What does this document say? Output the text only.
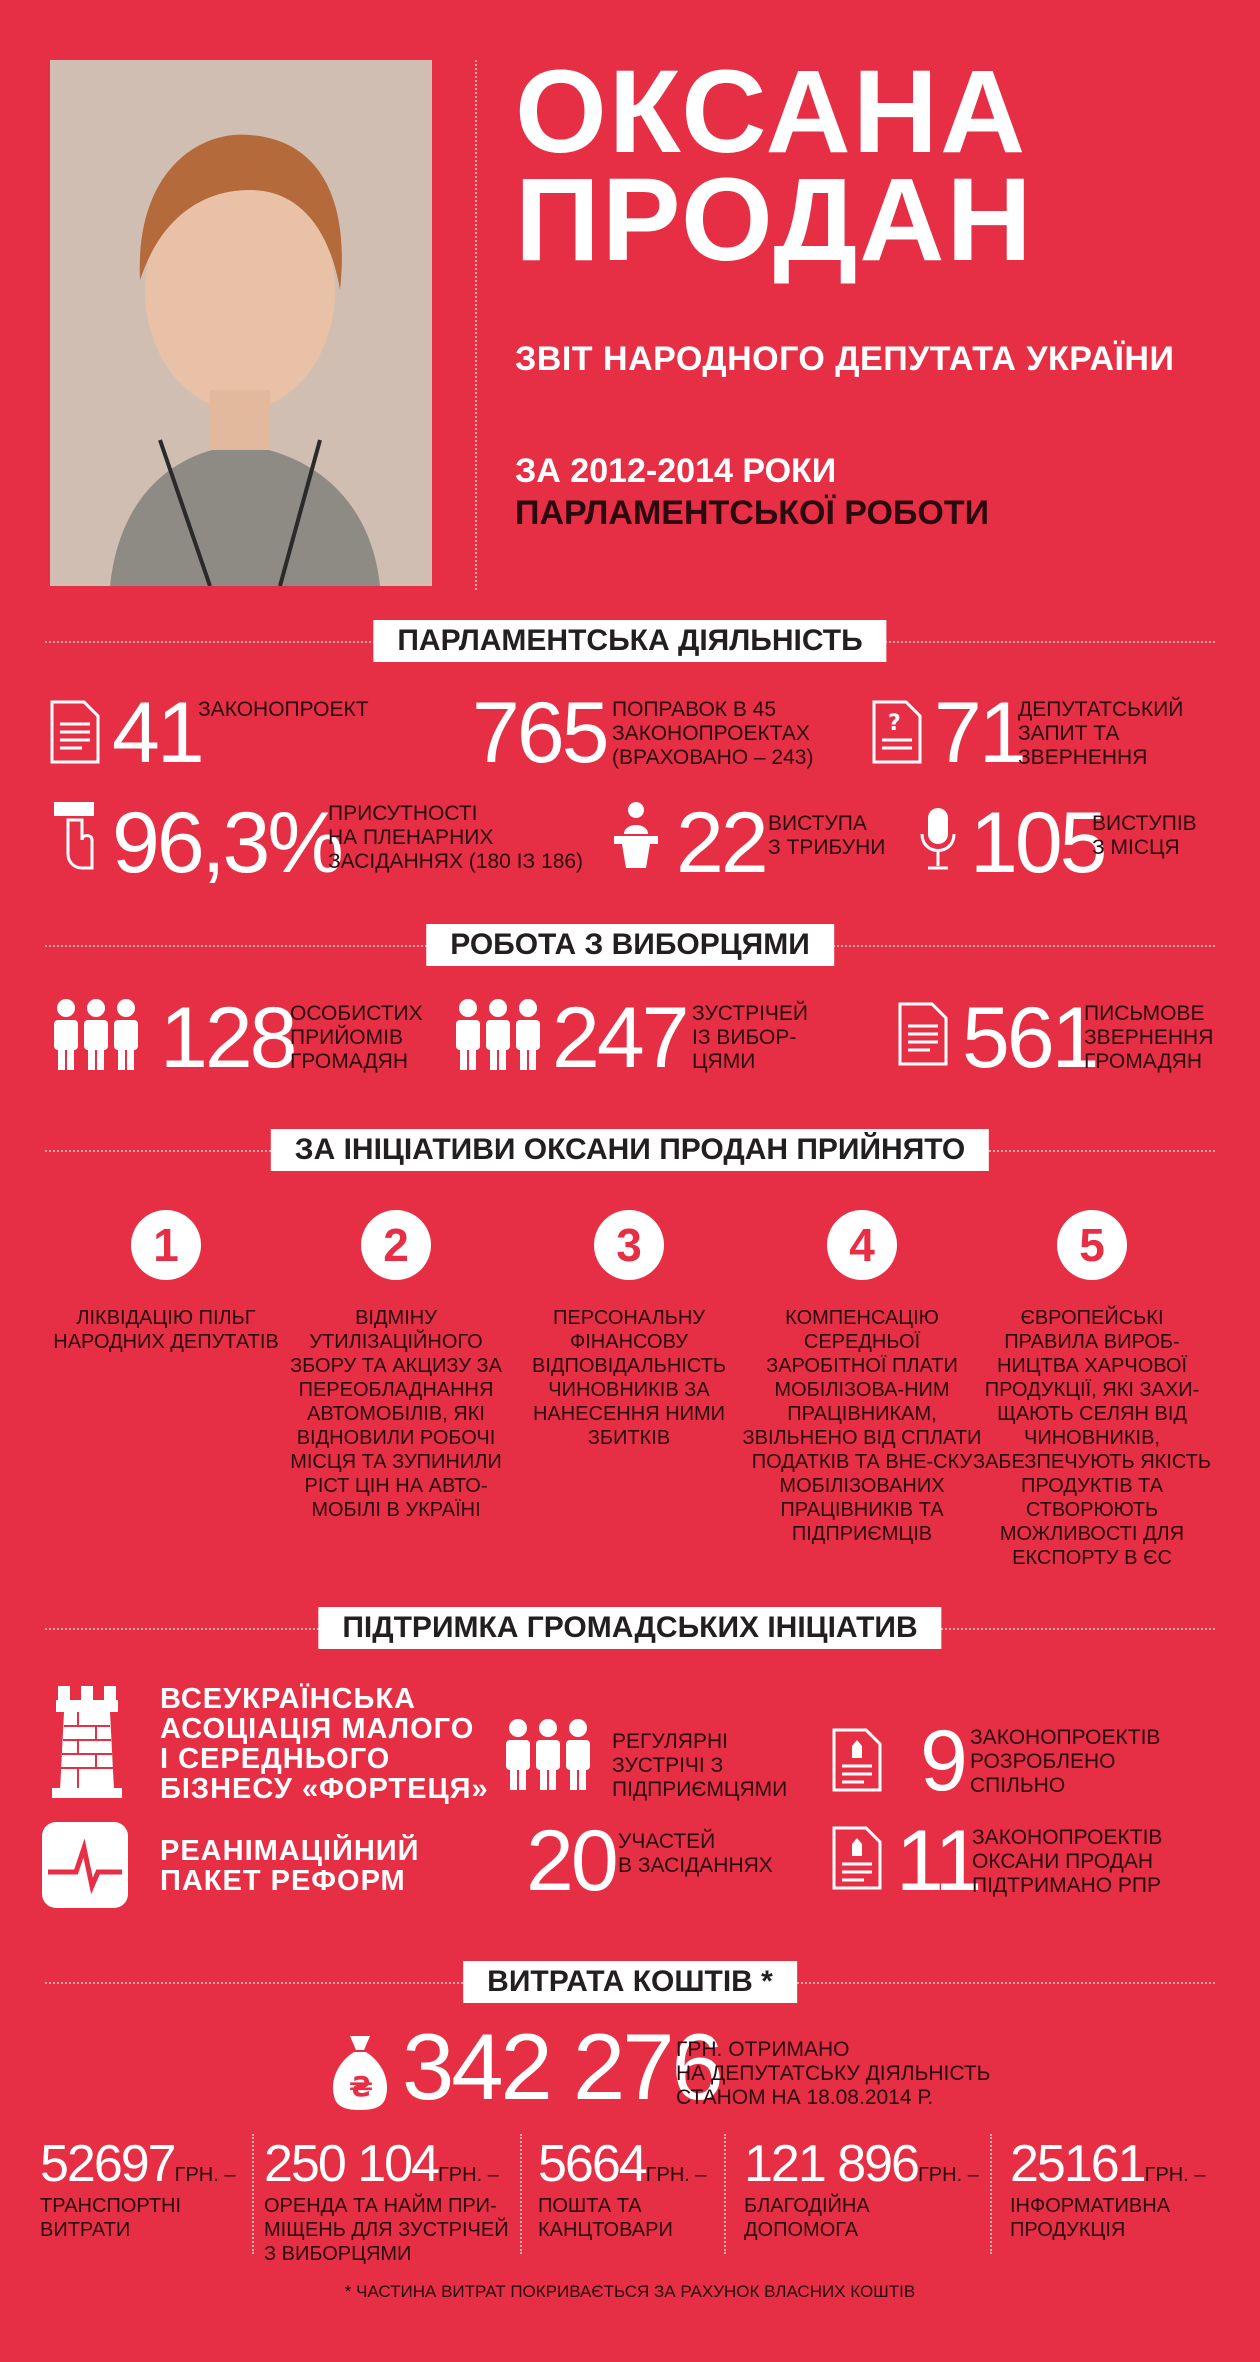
ОКСАНА
ПРОДАН
ЗВІТ НАРОДНОГО ДЕПУТАТА УКРАЇНИ
ЗА 2012-2014 РОКИ
ПАРЛАМЕНТСЬКОЇ РОБОТИ
ПАРЛАМЕНТСЬКА ДІЯЛЬНІСТЬ
41
ЗАКОНОПРОЕКТ 765 ПОПРАВОК В 45
ЗАКОНОПРОЕКТАХ
(ВРАХОВАНО – 243)
? 71
ДЕПУТАТСЬКИЙ
ЗАПИТ ТА
ЗВЕРНЕННЯ
96,3%
ПРИСУТНОСТІ
НА ПЛЕНАРНИХ
ЗАСІДАННЯХ (180 ІЗ 186) 22 ВИСТУПА
З ТРИБУНИ 105
ВИСТУПІВ
З МІСЦЯ
РОБОТА З ВИБОРЦЯМИ
128
ОСОБИСТИХ
ПРИЙОМІВ
ГРОМАДЯН 247 ЗУСТРІЧЕЙ
ІЗ ВИБОР-
ЦЯМИ	561
ПИСЬМОВЕ
ЗВЕРНЕННЯ
ГРОМАДЯН
ЗА ІНІЦІАТИВИ ОКСАНИ ПРОДАН ПРИЙНЯТО
1
ЛІКВІДАЦІЮ ПІЛЬГ НАРОДНИХ ДЕПУТАТІВ
2
ВІДМІНУ УТИЛІЗАЦІЙНОГО ЗБОРУ ТА АКЦИЗУ ЗА ПЕРЕОБЛАДНАННЯ АВТОМОБІЛІВ, ЯКІ ВІДНОВИЛИ РОБОЧІ МІСЦЯ ТА ЗУПИНИЛИ РІСТ ЦІН НА АВТО-МОБІЛІ В УКРАЇНІ
3
ПЕРСОНАЛЬНУ ФІНАНСОВУ ВІДПОВІДАЛЬНІСТЬ ЧИНОВНИКІВ ЗА НАНЕСЕННЯ НИМИ ЗБИТКІВ
4
КОМПЕНСАЦІЮ СЕРЕДНЬОЇ ЗАРОБІТНОЇ ПЛАТИ МОБІЛІЗОВА-НИМ ПРАЦІВНИКАМ, ЗВІЛЬНЕНО ВІД СПЛАТИ ПОДАТКІВ ТА ВНЕ-СКУ МОБІЛІЗОВАНИХ ПРАЦІВНИКІВ ТА ПІДПРИЄМЦІВ
5
ЄВРОПЕЙСЬКІ ПРАВИЛА ВИРОБ-НИЦТВА ХАРЧОВОЇ ПРОДУКЦІЇ, ЯКІ ЗАХИ-ЩАЮТЬ СЕЛЯН ВІД ЧИНОВНИКІВ, ЗАБЕЗПЕЧУЮТЬ ЯКІСТЬ ПРОДУКТІВ ТА СТВОРЮЮТЬ МОЖЛИВОСТІ ДЛЯ ЕКСПОРТУ В ЄС
ПІДТРИМКА ГРОМАДСЬКИХ ІНІЦІАТИВ
ВСЕУКРАЇНСЬКА
АСОЦІАЦІЯ МАЛОГО
І СЕРЕДНЬОГО
БІЗНЕСУ «ФОРТЕЦЯ»
РЕАНІМАЦІЙНИЙ
ПАКЕТ РЕФОРМ
РЕГУЛЯРНІ
ЗУСТРІЧІ З
ПІДПРИЄМЦЯМИ
20 УЧАСТЕЙ
В ЗАСІДАННЯХ
9 ЗАКОНОПРОЕКТІВ
РОЗРОБЛЕНО
СПІЛЬНО
11
ЗАКОНОПРОЕКТІВ
ОКСАНИ ПРОДАН
ПІДТРИМАНО РПР
ВИТРАТА КОШТІВ *
₴ 342 276
ГРН. ОТРИМАНО
НА ДЕПУТАТСЬКУ ДІЯЛЬНІСТЬ
СТАНОМ НА 18.08.2014 Р.
52697ГРН. –
ТРАНСПОРТНІ
ВИТРАТИ
250 104ГРН. –
ОРЕНДА ТА НАЙМ ПРИ-
МІЩЕНЬ ДЛЯ ЗУСТРІЧЕЙ
З ВИБОРЦЯМИ
5664ГРН. –
ПОШТА ТА
КАНЦТОВАРИ
121 896ГРН. –
БЛАГОДІЙНА
ДОПОМОГА
25161ГРН. –
ІНФОРМАТИВНА
ПРОДУКЦІЯ
* ЧАСТИНА ВИТРАТ ПОКРИВАЄТЬСЯ ЗА РАХУНОК ВЛАСНИХ КОШТІВ
